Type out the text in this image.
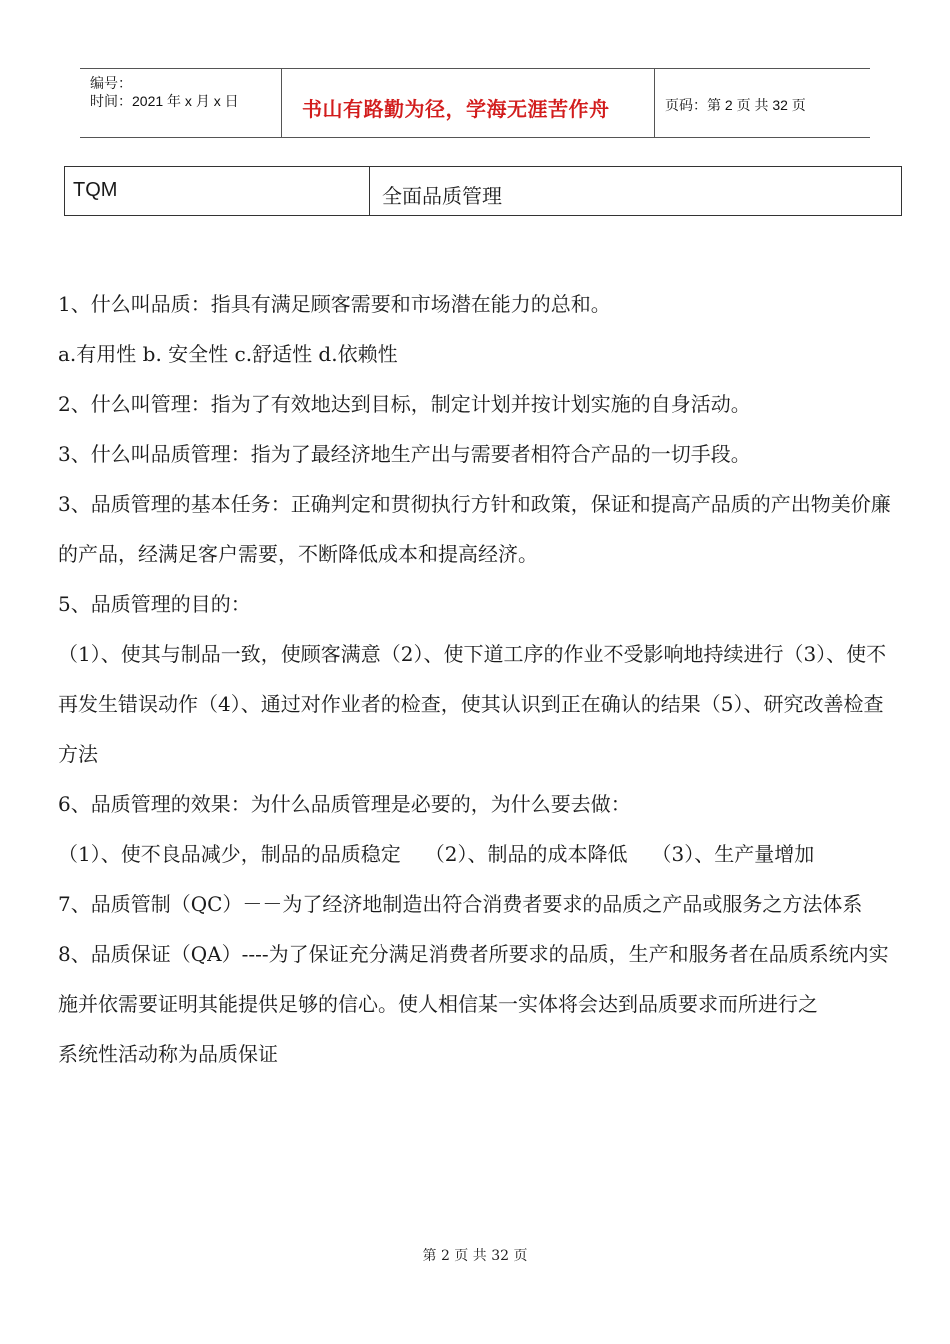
编号：
时间：2021 年 x 月 x 日	书山有路勤为径，学海无涯苦作舟	页码：第 2 页 共 32 页
TQM	全面品质管理

1、什么叫品质：指具有满足顾客需要和市场潜在能力的总和。

a.有用性 b. 安全性 c.舒适性 d.依赖性

2、什么叫管理：指为了有效地达到目标，制定计划并按计划实施的自身活动。

3、什么叫品质管理：指为了最经济地生产出与需要者相符合产品的一切手段。

3、品质管理的基本任务：正确判定和贯彻执行方针和政策，保证和提高产品质的产出物美价廉的产品，经满足客户需要，不断降低成本和提高经济。

5、品质管理的目的：

（1）、使其与制品一致，使顾客满意（2）、使下道工序的作业不受影响地持续进行（3）、使不再发生错误动作（4）、通过对作业者的检查，使其认识到正在确认的结果（5）、研究改善检查方法

6、品质管理的效果：为什么品质管理是必要的，为什么要去做：

（1）、使不良品减少，制品的品质稳定 （2）、制品的成本降低 （3）、生产量增加

7、品质管制（QC）－－为了经济地制造出符合消费者要求的品质之产品或服务之方法体系

8、品质保证（QA）----为了保证充分满足消费者所要求的品质，生产和服务者在品质系统内实施并依需要证明其能提供足够的信心。使人相信某一实体将会达到品质要求而所进行之

系统性活动称为品质保证

第 2 页 共 32 页
